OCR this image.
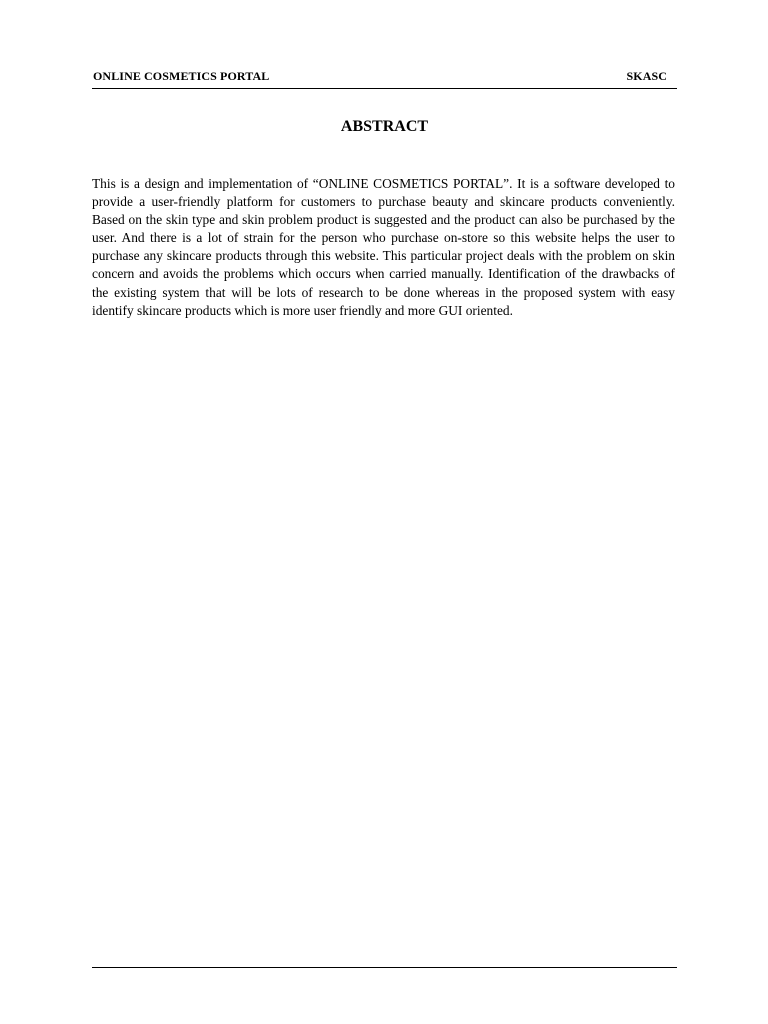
ONLINE COSMETICS PORTAL	SKASC
ABSTRACT

This is a design and implementation of “ONLINE COSMETICS PORTAL”. It is a software developed to provide a user-friendly platform for customers to purchase beauty and skincare products conveniently. Based on the skin type and skin problem product is suggested and the product can also be purchased by the user. And there is a lot of strain for the person who purchase on-store so this website helps the user to purchase any skincare products through this website. This particular project deals with the problem on skin concern and avoids the problems which occurs when carried manually. Identification of the drawbacks of the existing system that will be lots of research to be done whereas in the proposed system with easy identify skincare products which is more user friendly and more GUI oriented.
